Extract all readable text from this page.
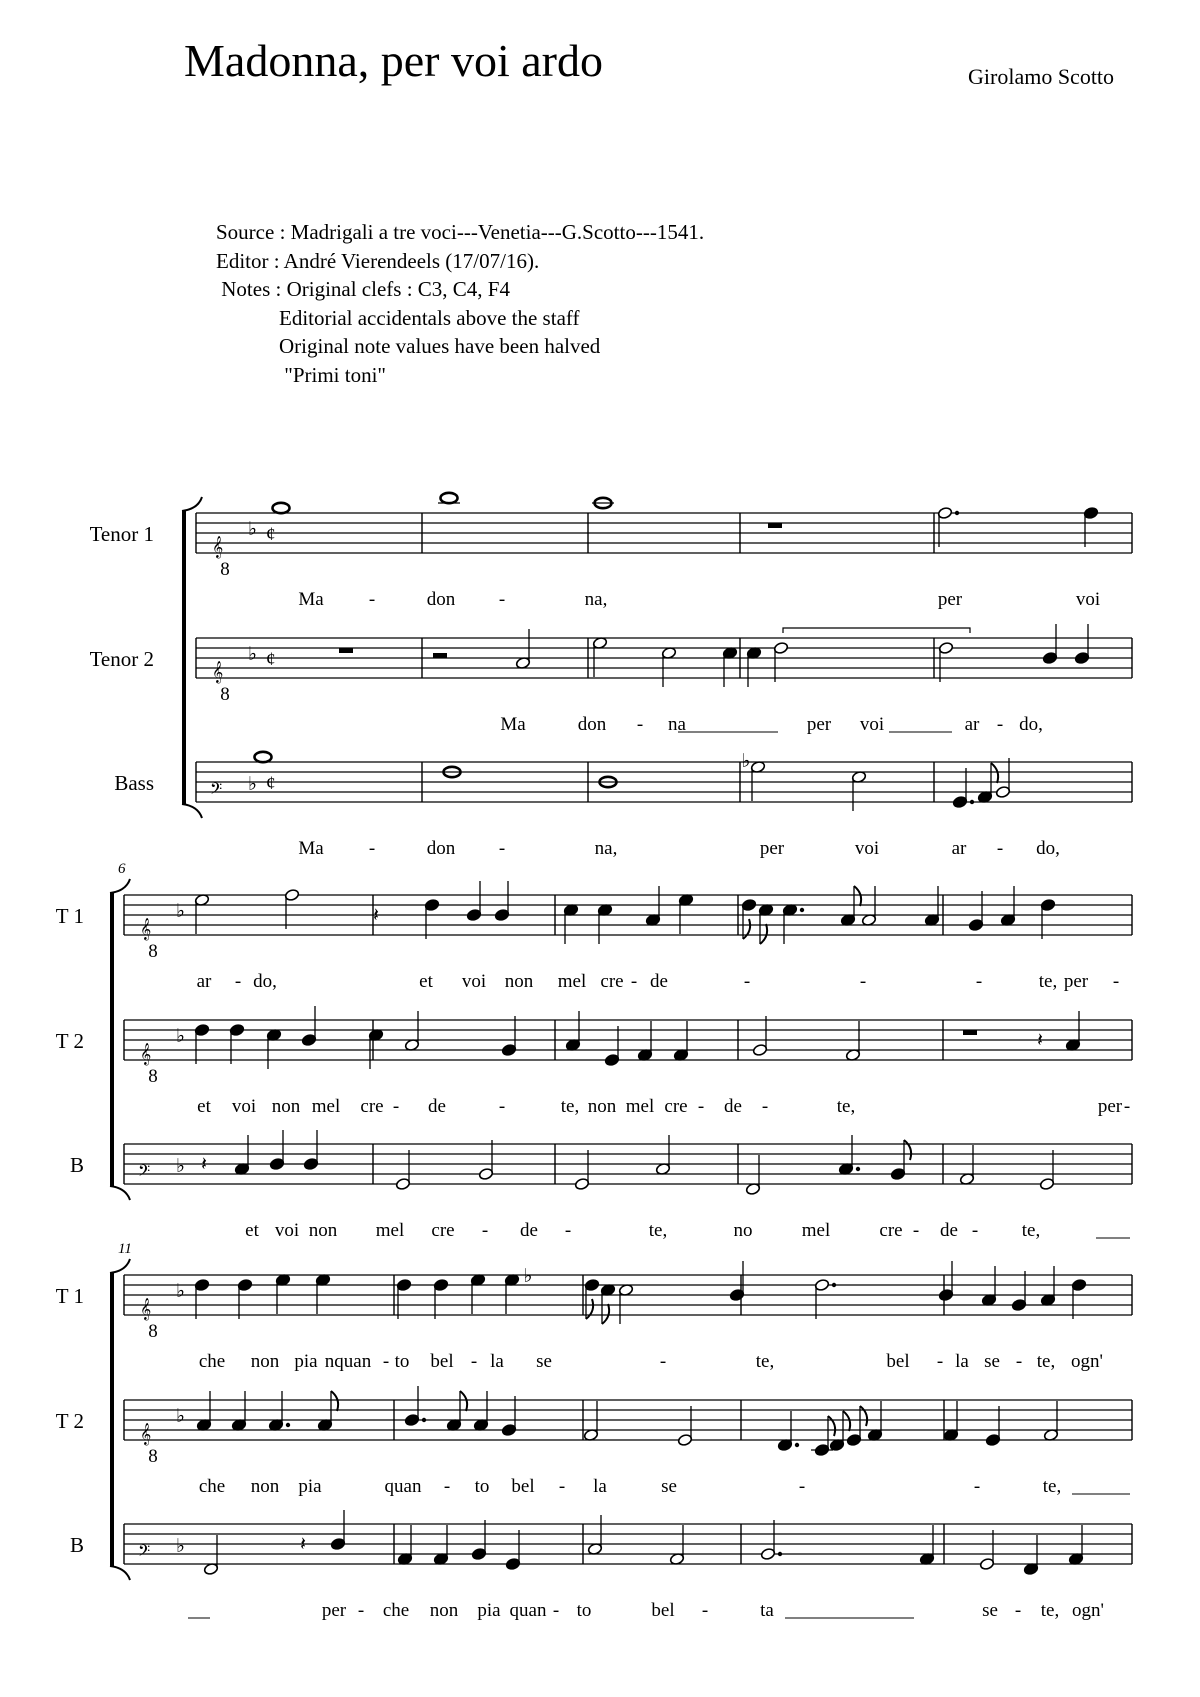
Madonna, per voi ardo	Girolamo Scotto
Source : Madrigali a tre voci---Venetia---G.Scotto---1541.
Editor : André Vierendeels (17/07/16).
Notes : Original clefs : C3, C4, F4
Editorial accidentals above the staff
Original note values have been halved
"Primi toni"
Tenor 1
𝄞
8
♭ ¢
Ma -	don -	na,	per	voi
Tenor 2
𝄞
8
♭ ¢
Ma	don - na	per voi	ar - do,
Bass	𝄢 ♭ ¢
Ma -	don -	na,	per	voi	ar - do,
6
T 1
𝄞
8
♭
ar - do,	et voi non mel cre - de	-	-	-	te, per -
T 2
𝄞
8
♭
et voi non mel cre - de	-	te, non mel cre - de -	te,	per -
B	𝄢 ♭
et voi non mel cre - de -	te,	no	mel	cre - de - te,
11
T 1
𝄞
8
♭
che non pia nquan - to bel - la se	-	te,	bel - la se - te, ogn'
T 2
𝄞
8
♭
che non pia	quan - to bel - la	se	-	-	te,
B	𝄢 ♭
per - che non pia quan - to	bel -	ta	se - te, ogn'
𝄽
𝄽
𝄽
𝄽
♭
♭
